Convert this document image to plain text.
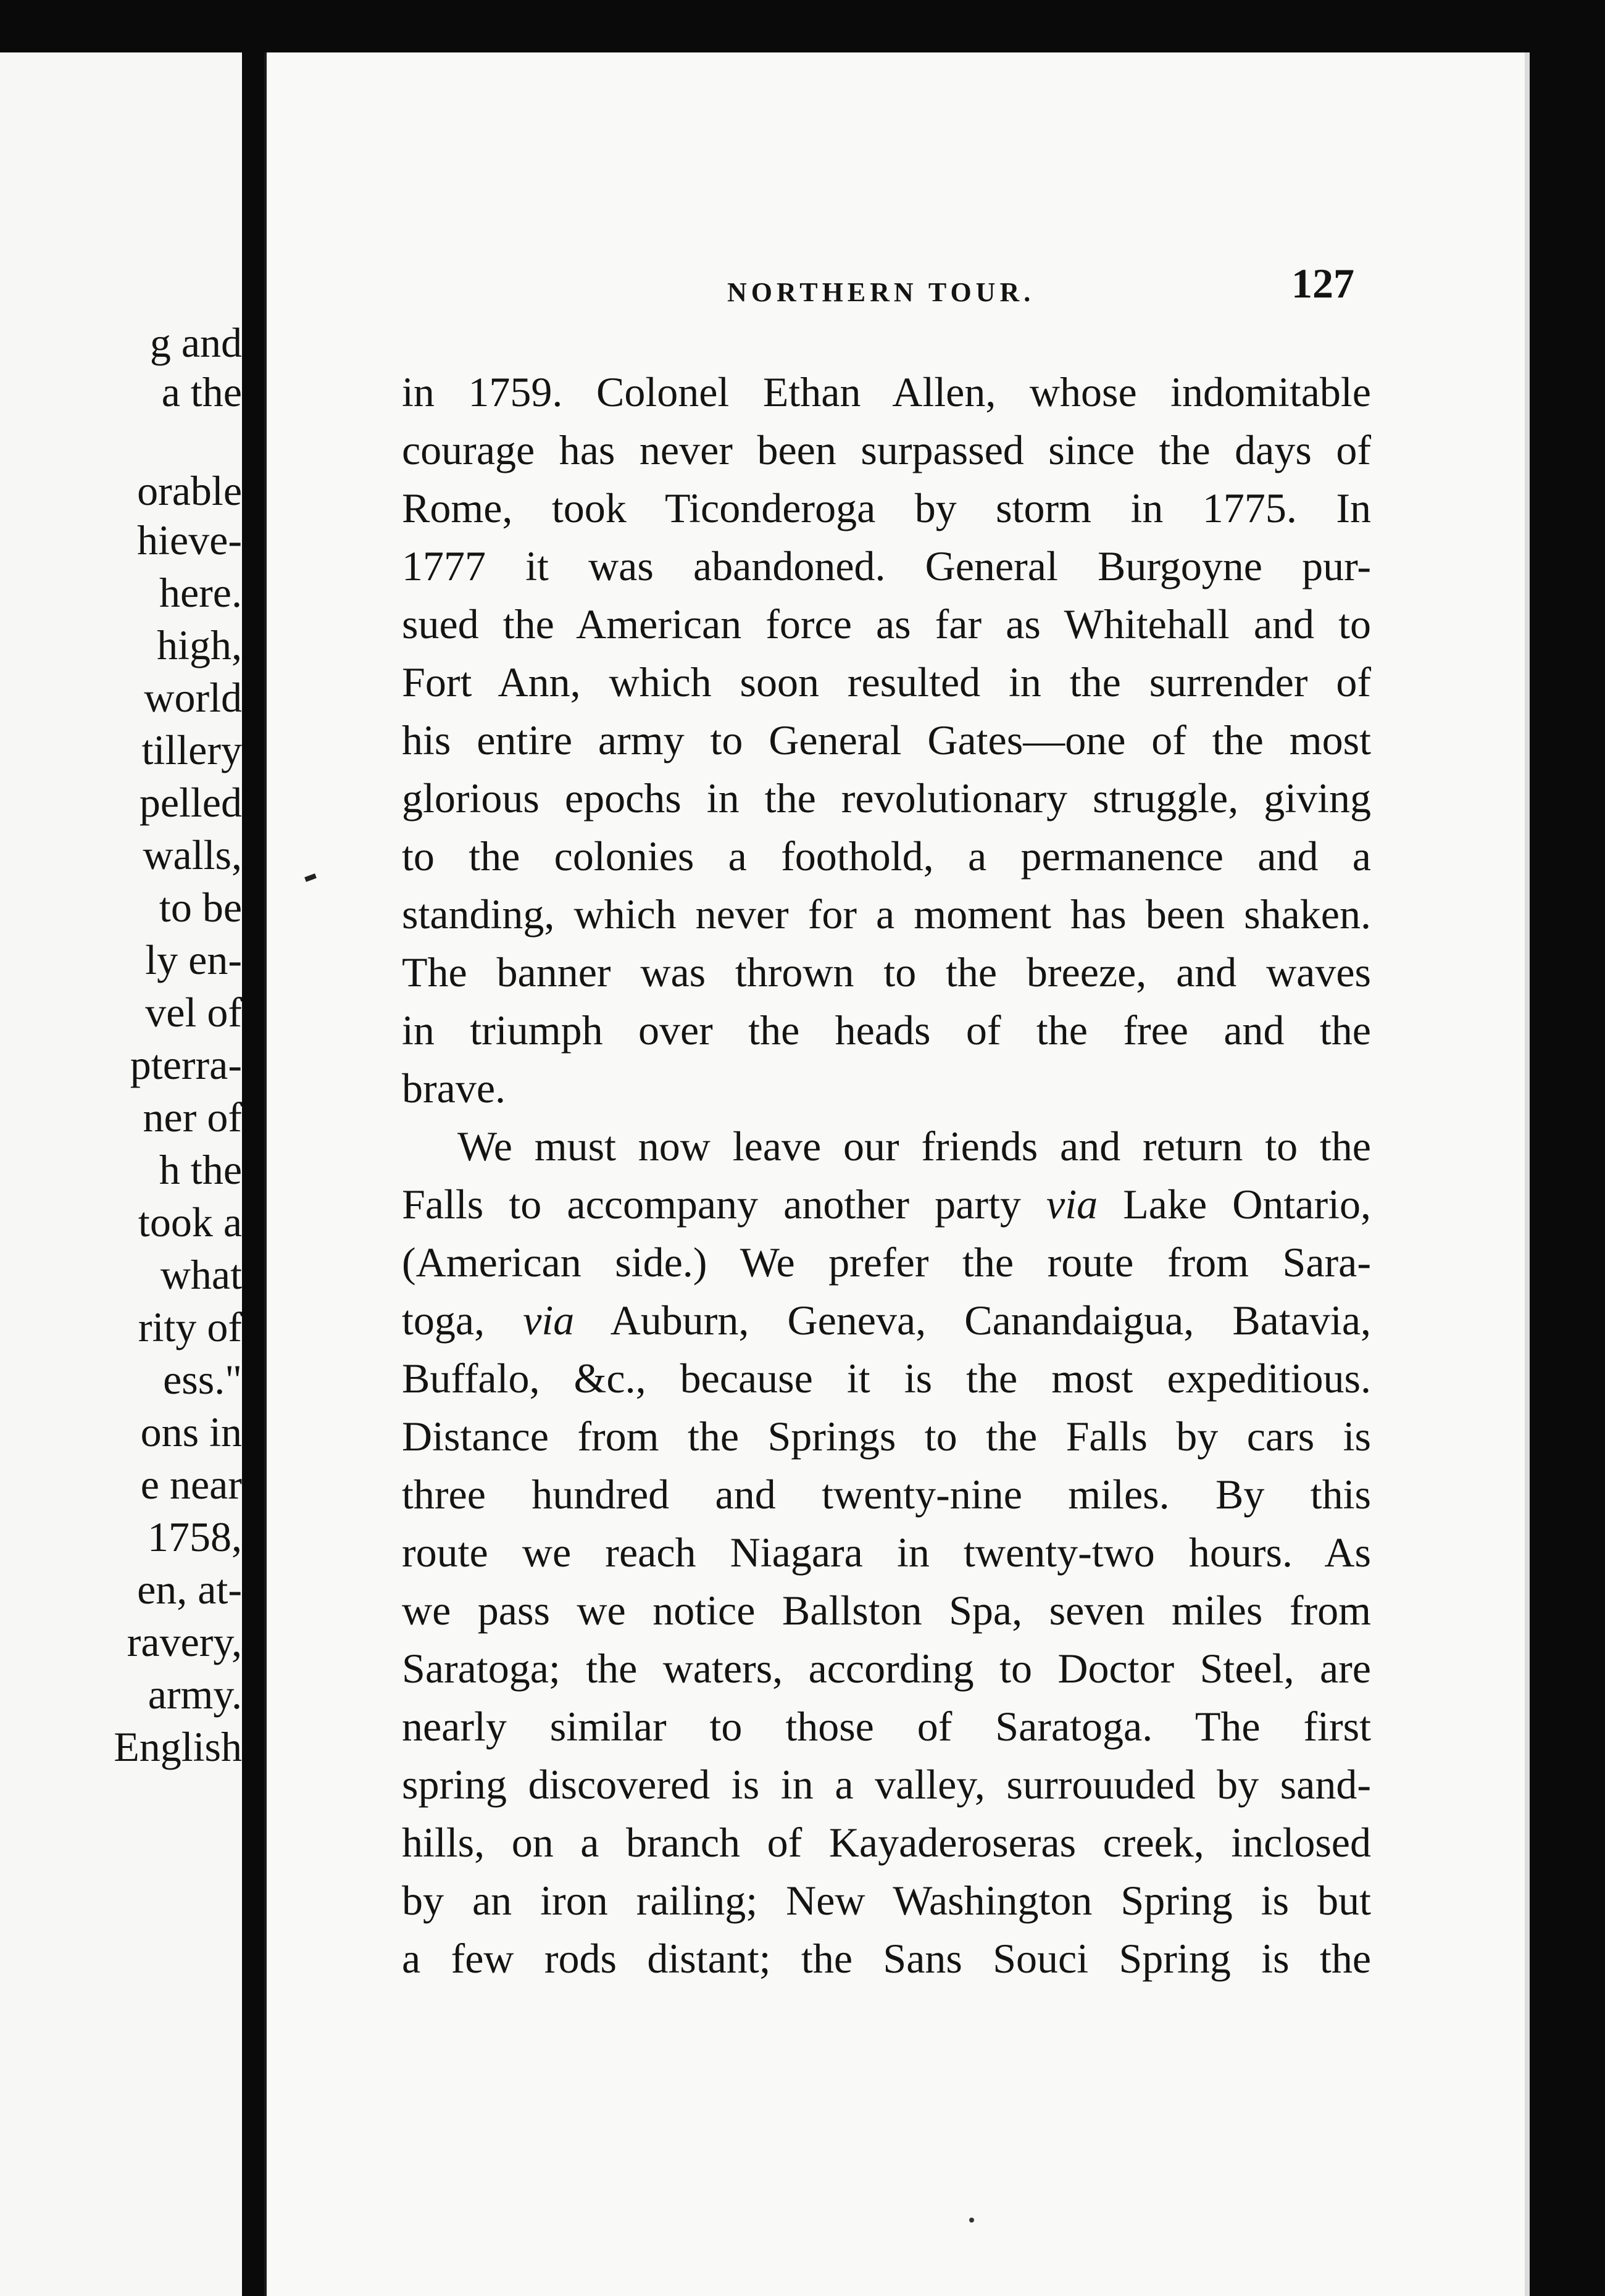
g and
a the
orable
hieve-
here.
high,
world
tillery
pelled
walls,
to be
ly en-
vel of
pterra-
ner of
h the
took a
what
rity of
ess."
ons in
e near
1758,
en, at-
ravery,
army.
English
NORTHERN TOUR.	127
in 1759. Colonel Ethan Allen, whose indomitable
courage has never been surpassed since the days of
Rome, took Ticonderoga by storm in 1775. In
1777 it was abandoned. General Burgoyne pur-
sued the American force as far as Whitehall and to
Fort Ann, which soon resulted in the surrender of
his entire army to General Gates—one of the most
glorious epochs in the revolutionary struggle, giving
to the colonies a foothold, a permanence and a
standing, which never for a moment has been shaken.
The banner was thrown to the breeze, and waves
in triumph over the heads of the free and the
brave.
We must now leave our friends and return to the
Falls to accompany another party via Lake Ontario,
(American side.) We prefer the route from Sara-
toga, via Auburn, Geneva, Canandaigua, Batavia,
Buffalo, &c., because it is the most expeditious.
Distance from the Springs to the Falls by cars is
three hundred and twenty-nine miles. By this
route we reach Niagara in twenty-two hours. As
we pass we notice Ballston Spa, seven miles from
Saratoga; the waters, according to Doctor Steel, are
nearly similar to those of Saratoga. The first
spring discovered is in a valley, surrouuded by sand-
hills, on a branch of Kayaderoseras creek, inclosed
by an iron railing; New Washington Spring is but
a few rods distant; the Sans Souci Spring is the
